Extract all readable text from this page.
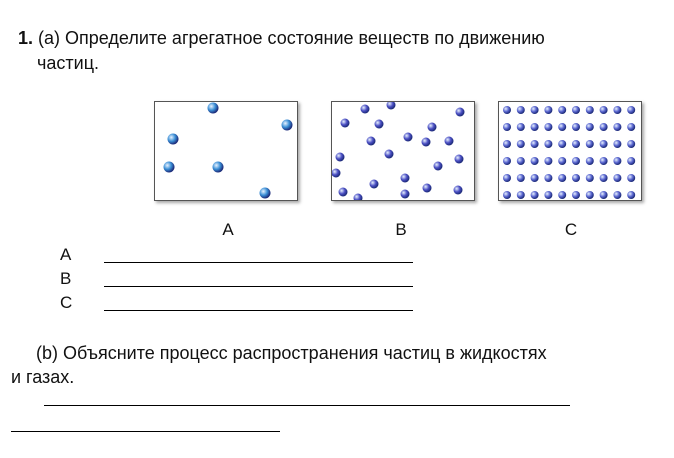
1. (a) Определите агрегатное состояние веществ по движению
частиц.
A	B	C
A
B
C
(b) Объясните процесс распространения частиц в жидкостях
и газах.
